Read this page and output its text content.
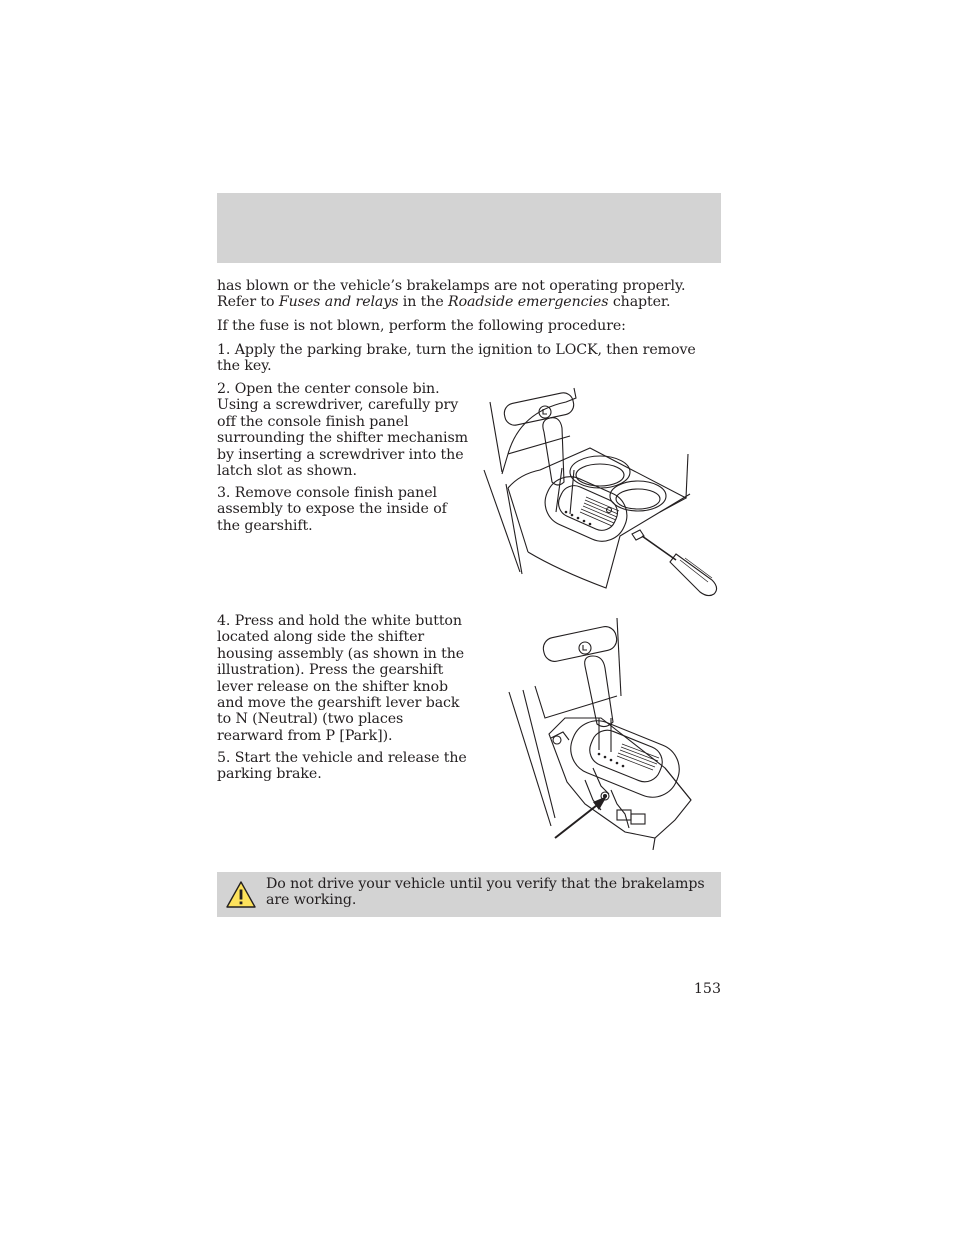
has blown or the vehicle’s brakelamps are not operating properly. Refer to Fuses and relays in the Roadside emergencies chapter.

If the fuse is not blown, perform the following procedure:

1. Apply the parking brake, turn the ignition to LOCK, then remove the key.

2. Open the center console bin. Using a screwdriver, carefully pry off the console finish panel surrounding the shifter mechanism by inserting a screwdriver into the latch slot as shown.

3. Remove console finish panel assembly to expose the inside of the gearshift.

4. Press and hold the white button located along side the shifter housing assembly (as shown in the illustration). Press the gearshift lever release on the shifter knob and move the gearshift lever back to N (Neutral) (two places rearward from P [Park]).

5. Start the vehicle and release the parking brake.

Do not drive your vehicle until you verify that the brakelamps are working.

153
